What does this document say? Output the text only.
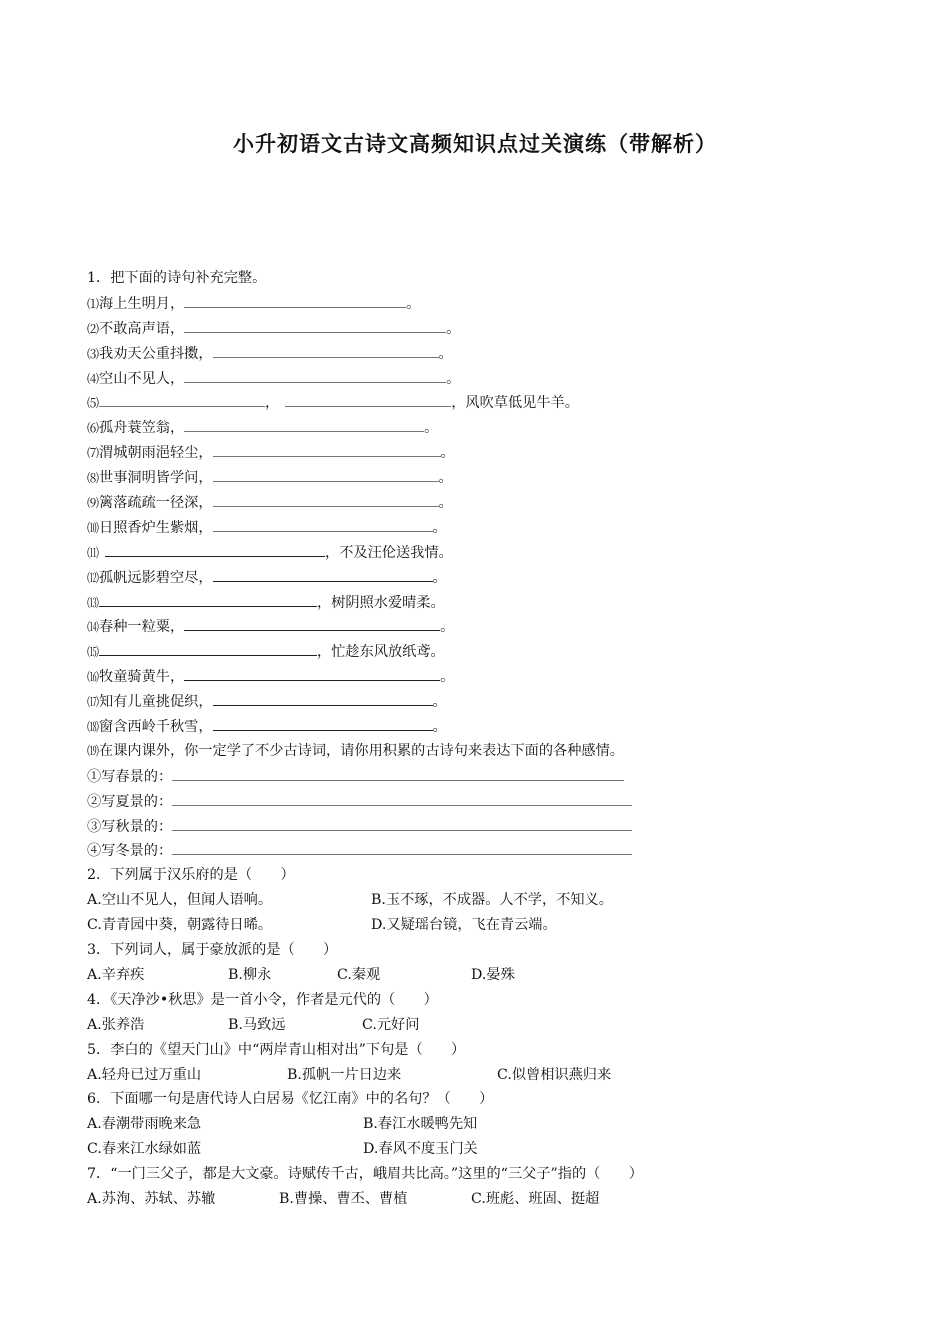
小升初语文古诗文高频知识点过关演练（带解析）
1．把下面的诗句补充完整。
⑴海上生明月，	。
⑵不敢高声语，	。
⑶我劝天公重抖擞，	。
⑷空山不见人，	。
⑸	，	，风吹草低见牛羊。
⑹孤舟蓑笠翁，	。
⑺渭城朝雨浥轻尘，	。
⑻世事洞明皆学问，	。
⑼篱落疏疏一径深，	。
⑽日照香炉生紫烟，	。
⑾	，不及汪伦送我情。
⑿孤帆远影碧空尽，	。
⒀	，树阴照水爱晴柔。
⒁春种一粒粟，	。
⒂	，忙趁东风放纸鸢。
⒃牧童骑黄牛，	。
⒄知有儿童挑促织，	。
⒅窗含西岭千秋雪，	。
⒆在课内课外，你一定学了不少古诗词，请你用积累的古诗句来表达下面的各种感情。
①写春景的：
②写夏景的：
③写秋景的：
④写冬景的：
2．下列属于汉乐府的是（　　）
A.空山不见人，但闻人语响。	B.玉不琢，不成器。人不学，不知义。
C.青青园中葵，朝露待日晞。	D.又疑瑶台镜，飞在青云端。
3．下列词人，属于豪放派的是（　　）
A.辛弃疾	B.柳永	C.秦观	D.晏殊
4．《天净沙•秋思》是一首小令，作者是元代的（　　）
A.张养浩	B.马致远	C.元好问
5．李白的《望天门山》中“两岸青山相对出”下句是（　　）
A.轻舟已过万重山	B.孤帆一片日边来	C.似曾相识燕归来
6．下面哪一句是唐代诗人白居易《忆江南》中的名句？（　　）
A.春潮带雨晚来急	B.春江水暖鸭先知
C.春来江水绿如蓝	D.春风不度玉门关
7．“一门三父子，都是大文豪。诗赋传千古，峨眉共比高。”这里的“三父子”指的（　　）
A.苏洵、苏轼、苏辙	B.曹操、曹丕、曹植	C.班彪、班固、挺超
